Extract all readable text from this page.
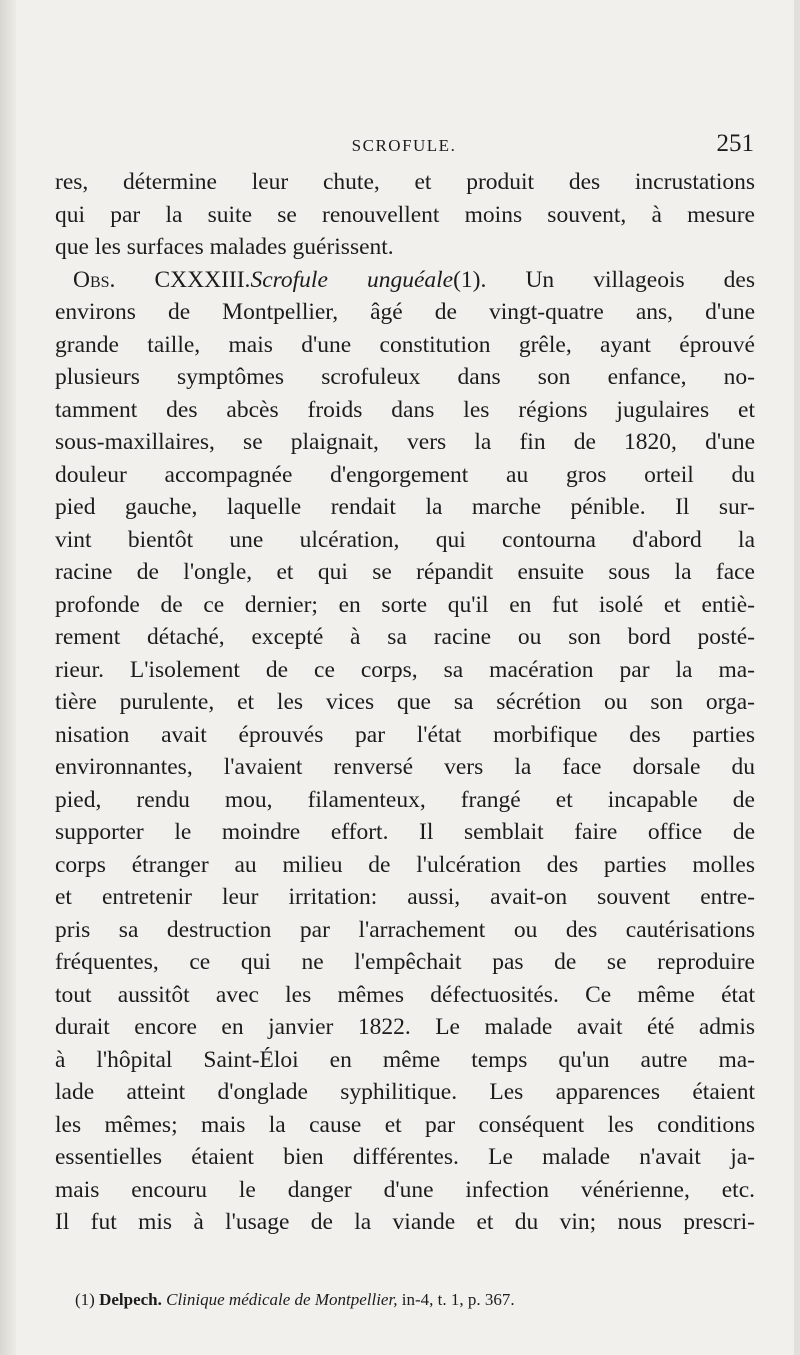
SCROFULE.	251
res, détermine leur chute, et produit des incrustations
qui par la suite se renouvellent moins souvent, à mesure
que les surfaces malades guérissent.
Obs. CXXXIII.Scrofule unguéale(1). Un villageois des
environs de Montpellier, âgé de vingt-quatre ans, d'une
grande taille, mais d'une constitution grêle, ayant éprouvé
plusieurs symptômes scrofuleux dans son enfance, no-
tamment des abcès froids dans les régions jugulaires et
sous-maxillaires, se plaignait, vers la fin de 1820, d'une
douleur accompagnée d'engorgement au gros orteil du
pied gauche, laquelle rendait la marche pénible. Il sur-
vint bientôt une ulcération, qui contourna d'abord la
racine de l'ongle, et qui se répandit ensuite sous la face
profonde de ce dernier; en sorte qu'il en fut isolé et entiè-
rement détaché, excepté à sa racine ou son bord posté-
rieur. L'isolement de ce corps, sa macération par la ma-
tière purulente, et les vices que sa sécrétion ou son orga-
nisation avait éprouvés par l'état morbifique des parties
environnantes, l'avaient renversé vers la face dorsale du
pied, rendu mou, filamenteux, frangé et incapable de
supporter le moindre effort. Il semblait faire office de
corps étranger au milieu de l'ulcération des parties molles
et entretenir leur irritation: aussi, avait-on souvent entre-
pris sa destruction par l'arrachement ou des cautérisations
fréquentes, ce qui ne l'empêchait pas de se reproduire
tout aussitôt avec les mêmes défectuosités. Ce même état
durait encore en janvier 1822. Le malade avait été admis
à l'hôpital Saint-Éloi en même temps qu'un autre ma-
lade atteint d'onglade syphilitique. Les apparences étaient
les mêmes; mais la cause et par conséquent les conditions
essentielles étaient bien différentes. Le malade n'avait ja-
mais encouru le danger d'une infection vénérienne, etc.
Il fut mis à l'usage de la viande et du vin; nous prescri-
(1) Delpech. Clinique médicale de Montpellier, in-4, t. 1, p. 367.
